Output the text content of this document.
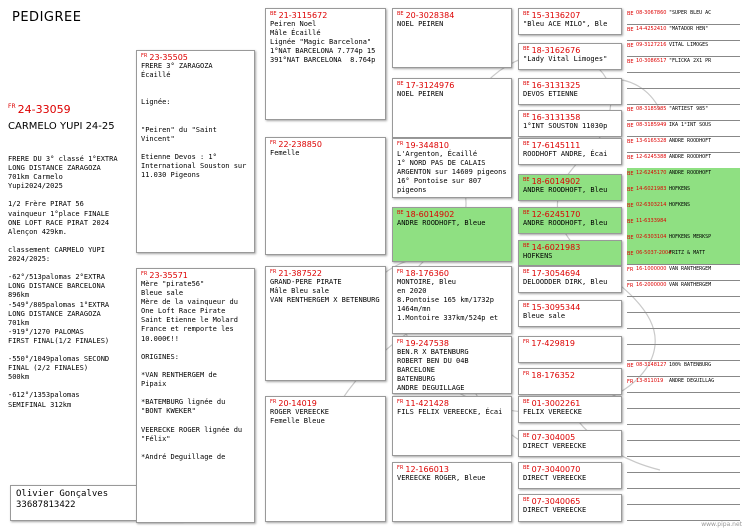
PEDIGREE
$^{FR}$ 24-33059
CARMELO YUPI 24-25
FRERE DU 3° classé 1°EXTRA
LONG DISTANCE ZARAGOZA
701km Carmelo
Yupi2024/2025

1/2 Frère PIRAT 56
vainqueur 1°place FINALE
ONE LOFT RACE PIRAT 2024
Alençon 429km.

classement CARMELO YUPI
2024/2025:

-62°/513palomas 2°EXTRA
LONG DISTANCE BARCELONA
896km
-549°/805palomas 1°EXTRA
LONG DISTANCE ZARAGOZA
701km
-919°/1270 PALOMAS
FIRST FINAL(1/2 FINALES)

-550°/1049palomas SECOND
FINAL (2/2 FINALES)
500km

-612°/1353palomas
SEMIFINAL 312km
Olivier Gonçalves
33687813422
$^{FR}$ 23-35505
FRERE 3° ZARAGOZA
Écaillé

Lignée:

"Peiren" du "Saint
Vincent"

Etienne Devos : 1°
International Souston sur
11.030 Pigeons
$^{FR}$ 23-35571
Mère "pirate56"
Bleue sale
Mère de la vainqueur du
One Loft Race Pirate
Saint Etienne le Molard
France et remporte les
10.000€!!

ORIGINES:

*VAN RENTHERGEM de
Pipaix

*BATEMBURG lignée du
"BONT KWEKER"

VEERECKE ROGER lignée du
"Félix"

*André Deguillage de
www.pipa.net
$^{BE}$ 21-3115672
Peiren Noel
Mâle Écaillé
Lignée "Magic Barcelona"
1°NAT BARCELONA 7.774p 15
391°NAT BARCELONA  8.764p
$^{FR}$ 22-238850
Femelle
$^{FR}$ 21-387522
GRAND-PERE PIRATE
Mâle Bleu sale
VAN RENTHERGEM X BETENBURG
$^{FR}$ 20-14019
ROGER VEREECKE
Femelle Bleue
$^{BE}$ 20-3028384
NOEL PEIREN
$^{BE}$ 17-3124976
NOEL PEIREN
$^{FR}$ 19-344810
L'Argenton, Écaillé
1° NORD PAS DE CALAIS
ARGENTON sur 14609 pigeons
16° Pontoise sur 807
pigeons
$^{BE}$ 18-6014902
ANDRE ROODHOFT, Bleue
$^{FR}$ 18-176360
MONTOIRE, Bleu
en 2020
8.Pontoise 165 km/1732p
1464m/mn
1.Montoire 337km/524p et
$^{FR}$ 19-247538
BEN.R X BATENBURG
ROBERT BEN DU 04B
BARCELONE
BATENBURG
ANDRE DEGUILLAGE
$^{FR}$ 11-421428
FILS FELIX VEREECKE, Écai
$^{FR}$ 12-166013
VEREECKE ROGER, Bleue
$^{BE}$ 15-3136207
"Bleu ACE MILO", Ble
$^{BE}$ 18-3162676
"Lady Vital Limoges"
$^{BE}$ 16-3131325
DEVOS ETIENNE
$^{BE}$ 16-3131358
1°INT SOUSTON 11030p
$^{BE}$ 17-6145111
ROODHOFT ANDRE, Écai
$^{BE}$ 18-6014902
ANDRE ROODHOFT, Bleu
$^{BE}$ 12-6245170
ANDRE ROODHOFT, Bleu
$^{BE}$ 14-6021983
HOFKENS
$^{BE}$ 17-3054694
DELOODDER DIRK, Bleu
$^{BE}$ 15-3095344
Bleue sale
$^{FR}$ 17-429819
$^{FR}$ 18-176352
$^{BE}$ 01-3002261
FELIX VEREECKE
$^{BE}$ 07-304005
DIRECT VEREECKE
$^{BE}$ 07-3040070
DIRECT VEREECKE
$^{BE}$ 07-3040065
DIRECT VEREECKE
BE 08-3067860 "SUPER BLEU AC
BE 14-4252410 "MATADOR HEN"
BE 09-3127216 VITAL LIMOGES
BE 10-3086517 "FLICKA 2X1 PR
BE 08-3185985 "ARTIEST 985"
BE 08-3185949 IKA 1°INT SOUS
BE 13-6165328 ANDRE ROODHOFT
BE 12-6245388 ANDRE ROODHOFT
BE 12-6245170 ANDRE ROODHOFT
BE 14-6021983 HOFKENS
BE 02-6303214 HOFKENS
BE 11-6333984
BE 02-6303104 HOFKENS MERKSP
BE 06-5037-2004
FRITZ & MATT
FR 16-1000000 VAN RANTHERGEM
FR 16-2000000 VAN RANTHERGEM
BE 08-3148127 100% BATENBURG
FR 13-811019 ANDRE DEGUILLAG
